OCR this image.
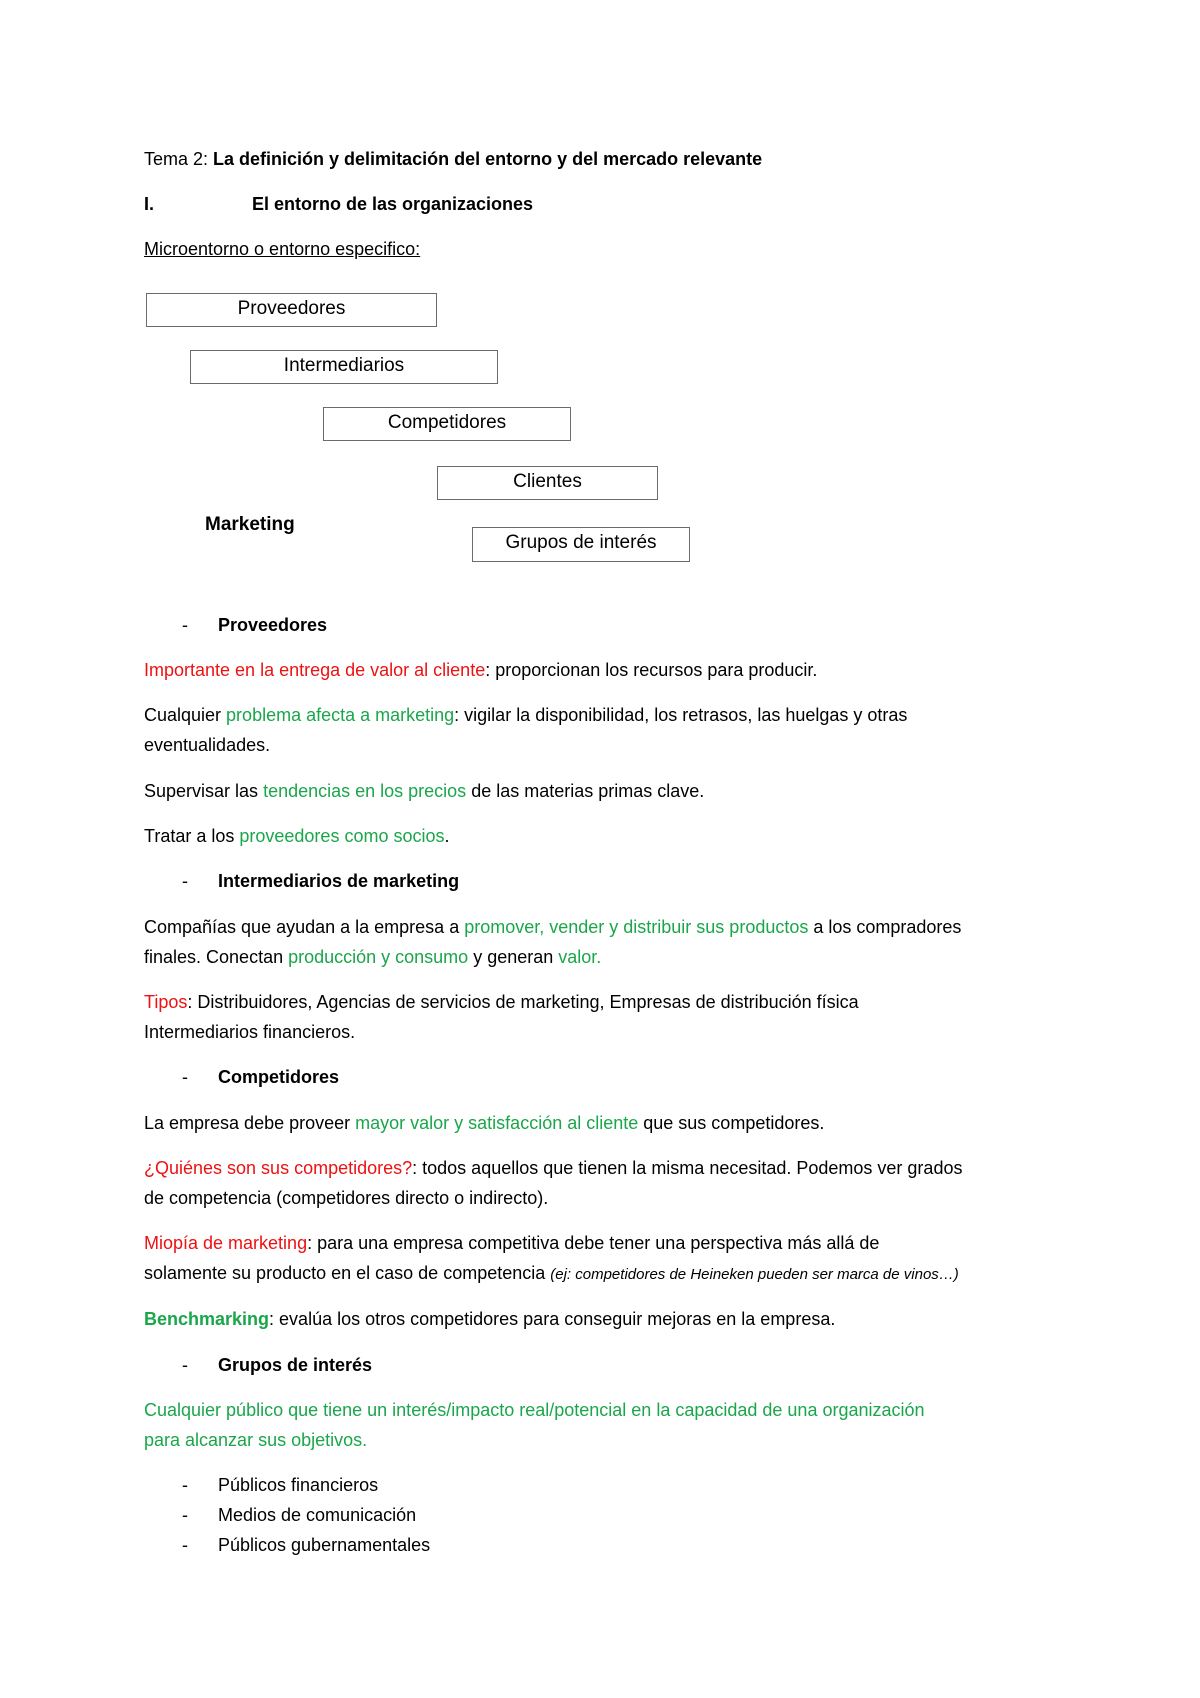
Tema 2: La definición y delimitación del entorno y del mercado relevante
I.	El entorno de las organizaciones
Microentorno o entorno especifico:
Proveedores
Intermediarios
Competidores
Clientes
Marketing
Grupos de interés
- Proveedores
Importante en la entrega de valor al cliente: proporcionan los recursos para producir.
Cualquier problema afecta a marketing: vigilar la disponibilidad, los retrasos, las huelgas y otras
eventualidades.
Supervisar las tendencias en los precios de las materias primas clave.
Tratar a los proveedores como socios.
- Intermediarios de marketing
Compañías que ayudan a la empresa a promover, vender y distribuir sus productos a los compradores
finales. Conectan producción y consumo y generan valor.
Tipos: Distribuidores, Agencias de servicios de marketing, Empresas de distribución física
Intermediarios financieros.
- Competidores
La empresa debe proveer mayor valor y satisfacción al cliente que sus competidores.
¿Quiénes son sus competidores?: todos aquellos que tienen la misma necesitad. Podemos ver grados
de competencia (competidores directo o indirecto).
Miopía de marketing: para una empresa competitiva debe tener una perspectiva más allá de
solamente su producto en el caso de competencia (ej: competidores de Heineken pueden ser marca de vinos…)
Benchmarking: evalúa los otros competidores para conseguir mejoras en la empresa.
- Grupos de interés
Cualquier público que tiene un interés/impacto real/potencial en la capacidad de una organización
para alcanzar sus objetivos.
- Públicos financieros
- Medios de comunicación
- Públicos gubernamentales
